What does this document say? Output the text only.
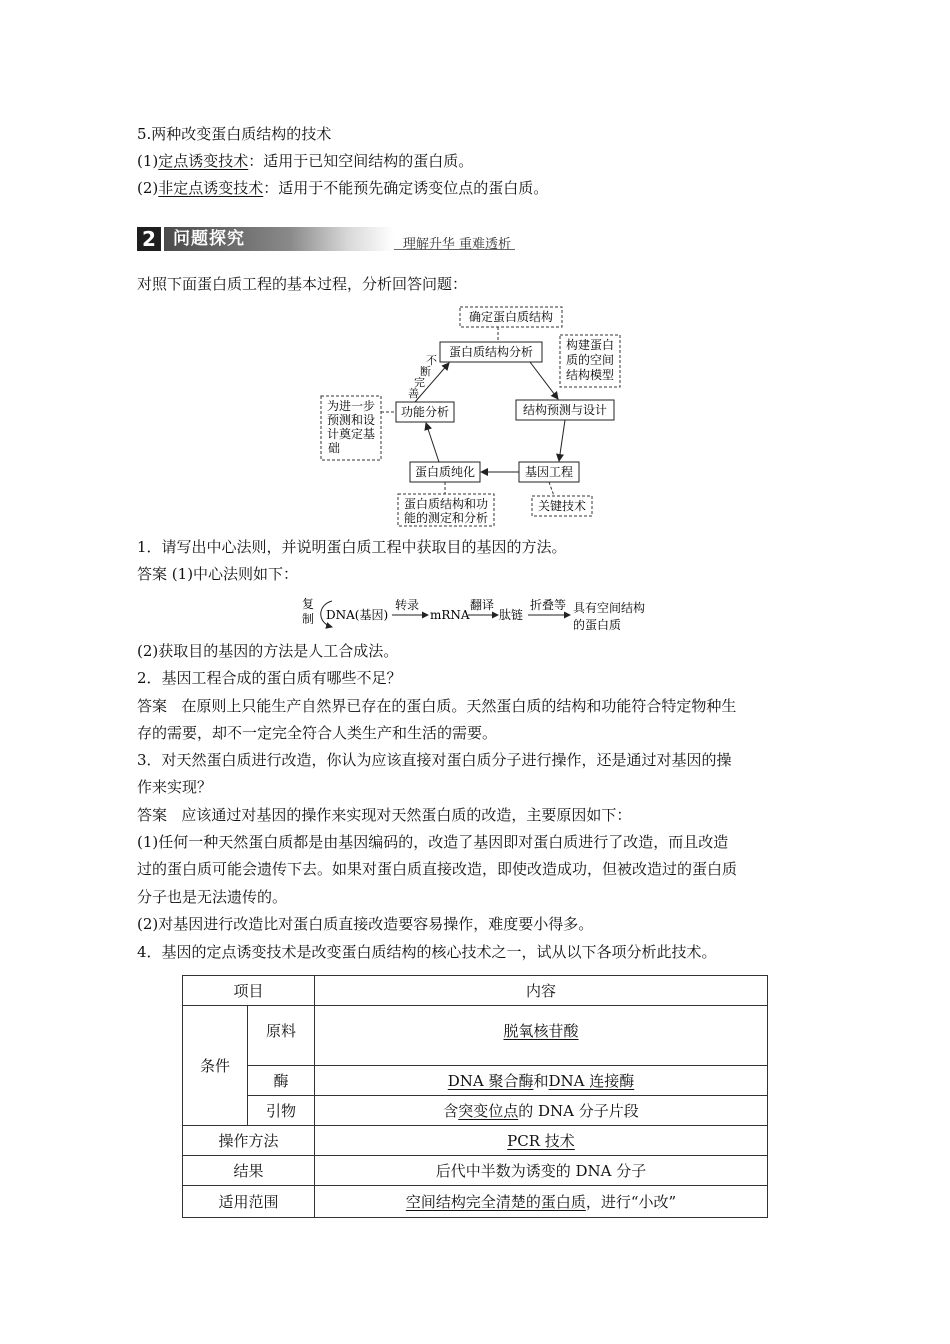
5.两种改变蛋白质结构的技术
(1)定点诱变技术：适用于已知空间结构的蛋白质。
(2)非定点诱变技术：适用于不能预先确定诱变位点的蛋白质。
2 问题探究	理解升华 重难透析
对照下面蛋白质工程的基本过程，分析回答问题：
确定蛋白质结构
蛋白质结构分析	构建蛋白
质的空间
结构模型
结构预测与设计
功能分析
为进一步
预测和设
计奠定基
础
基因工程
蛋白质纯化
蛋白质结构和功
能的测定和分析
关键技术
不
断
完
善
1．请写出中心法则，并说明蛋白质工程中获取目的基因的方法。
答案 (1)中心法则如下：
复
制 DNA(基因)
转录
mRNA
翻译
肽链
折叠等 具有空间结构
的蛋白质
(2)获取目的基因的方法是人工合成法。
2．基因工程合成的蛋白质有哪些不足？
答案 在原则上只能生产自然界已存在的蛋白质。天然蛋白质的结构和功能符合特定物种生
存的需要，却不一定完全符合人类生产和生活的需要。
3．对天然蛋白质进行改造，你认为应该直接对蛋白质分子进行操作，还是通过对基因的操
作来实现？
答案 应该通过对基因的操作来实现对天然蛋白质的改造，主要原因如下：
(1)任何一种天然蛋白质都是由基因编码的，改造了基因即对蛋白质进行了改造，而且改造
过的蛋白质可能会遗传下去。如果对蛋白质直接改造，即使改造成功，但被改造过的蛋白质
分子也是无法遗传的。
(2)对基因进行改造比对蛋白质直接改造要容易操作，难度要小得多。
4．基因的定点诱变技术是改变蛋白质结构的核心技术之一，试从以下各项分析此技术。
项目		内容
条件	原料	脱氧核苷酸
	酶	DNA 聚合酶和DNA 连接酶
	引物	含突变位点的 DNA 分子片段
操作方法		PCR 技术
结果		后代中半数为诱变的 DNA 分子
适用范围		空间结构完全清楚的蛋白质，进行“小改”
